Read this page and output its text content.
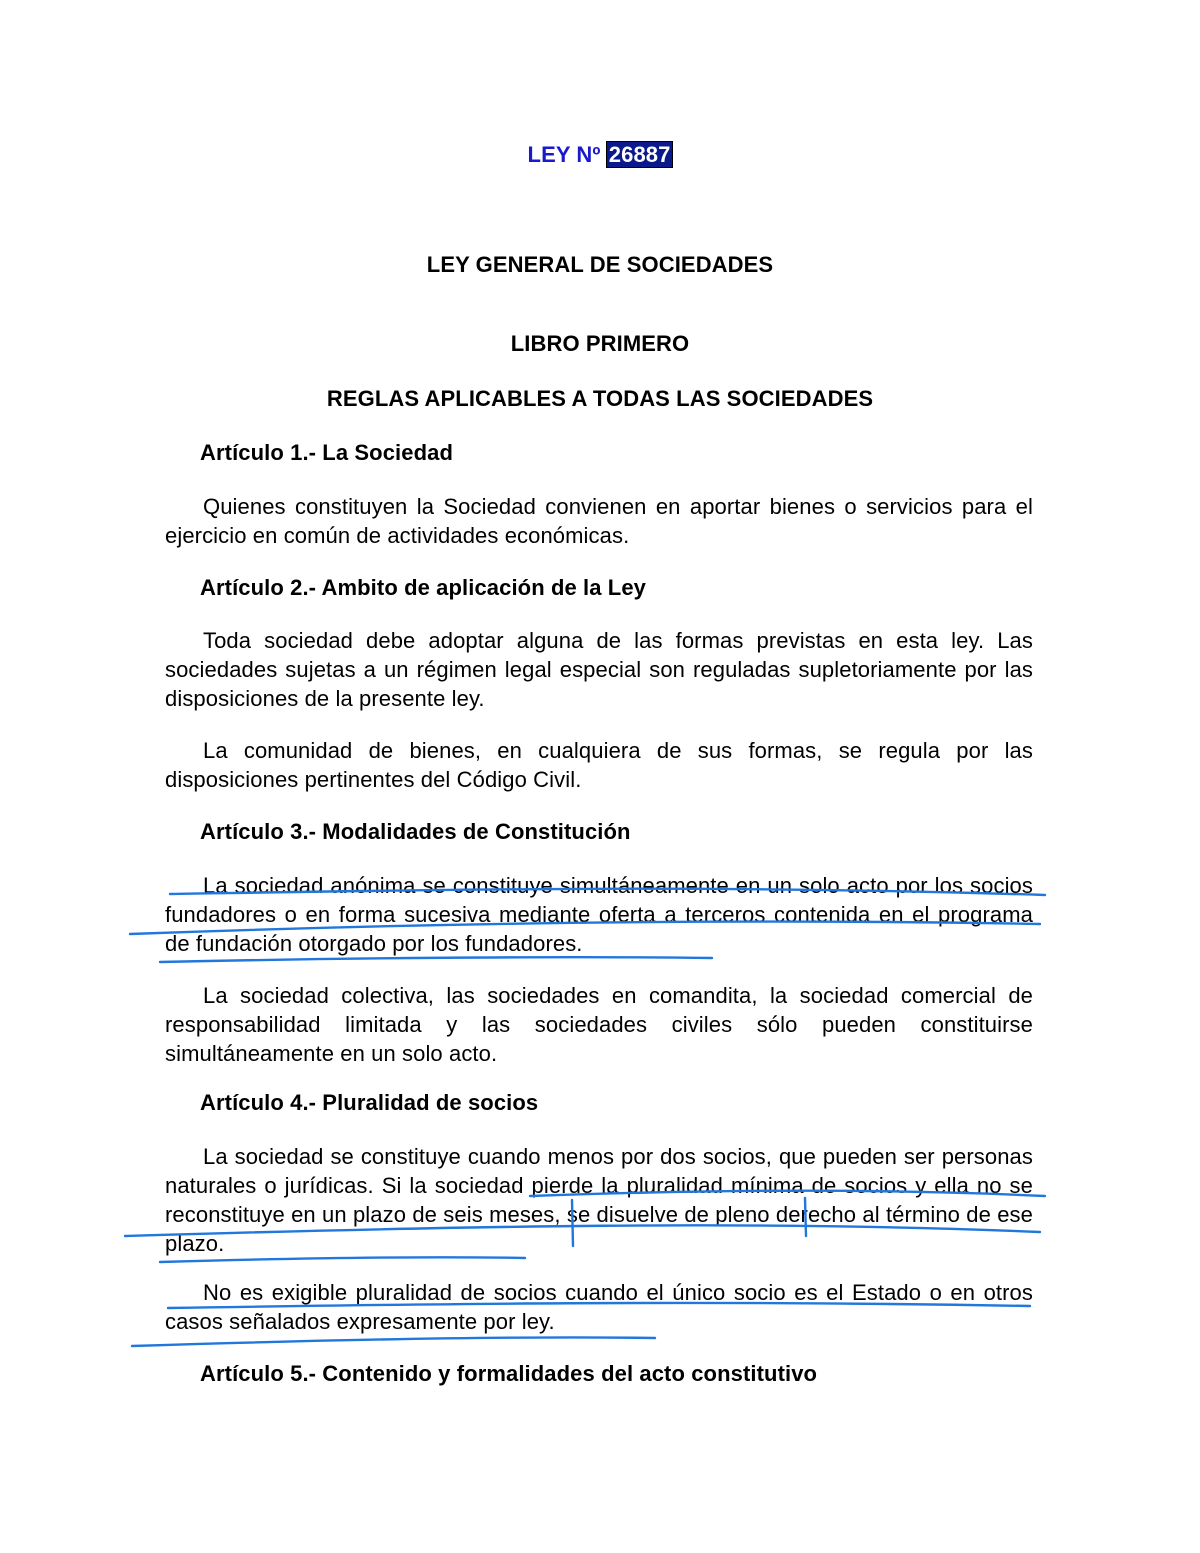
LEY Nº 26887
LEY GENERAL DE SOCIEDADES
LIBRO PRIMERO
REGLAS APLICABLES A TODAS LAS SOCIEDADES
Artículo 1.- La Sociedad
Quienes constituyen la Sociedad convienen en aportar bienes o servicios para el ejercicio en común de actividades económicas.
Artículo 2.- Ambito de aplicación de la Ley
Toda sociedad debe adoptar alguna de las formas previstas en esta ley. Las sociedades sujetas a un régimen legal especial son reguladas supletoriamente por las disposiciones de la presente ley.
La comunidad de bienes, en cualquiera de sus formas, se regula por las disposiciones pertinentes del Código Civil.
Artículo 3.- Modalidades de Constitución
La sociedad anónima se constituye simultáneamente en un solo acto por los socios fundadores o en forma sucesiva mediante oferta a terceros contenida en el programa de fundación otorgado por los fundadores.
La sociedad colectiva, las sociedades en comandita, la sociedad comercial de responsabilidad limitada y las sociedades civiles sólo pueden constituirse simultáneamente en un solo acto.
Artículo 4.- Pluralidad de socios
La sociedad se constituye cuando menos por dos socios, que pueden ser personas naturales o jurídicas. Si la sociedad pierde la pluralidad mínima de socios y ella no se reconstituye en un plazo de seis meses, se disuelve de pleno derecho al término de ese plazo.
No es exigible pluralidad de socios cuando el único socio es el Estado o en otros casos señalados expresamente por ley.
Artículo 5.- Contenido y formalidades del acto constitutivo
